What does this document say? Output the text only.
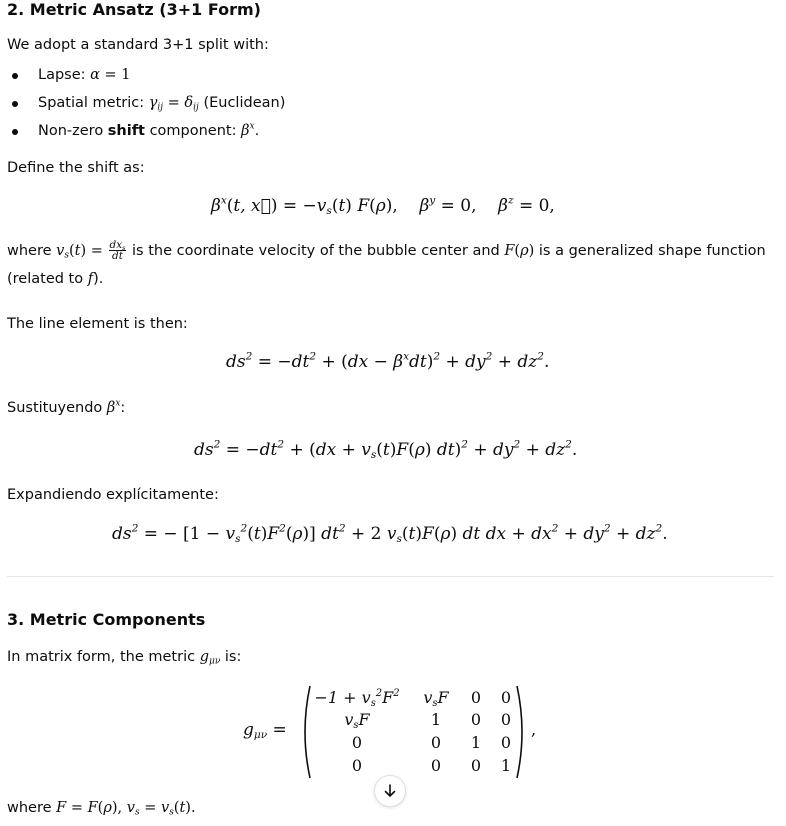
2. Metric Ansatz (3+1 Form)

We adopt a standard 3+1 split with:

Lapse: α = 1
Spatial metric: $\gamma_{ij} = \delta_{ij}$ (Euclidean)
Non-zero shift component: $\beta^x$.

Define the shift as:

$\beta^x(t$, x⃗) = $-v_s(t)$ F(ρ),    $\beta^y = 0$,    $\beta^z = 0$,
where $v_s(t) = \frac{dx_s}{dt}$ is the coordinate velocity of the bubble center and F(ρ) is a generalized shape function
(related to f).

The line element is then:

$ds^2 = -dt^2 + (dx - \beta^xdt)^2 + dy^2 + dz^2$.
Sustituyendo $\beta^x$:
$ds^2 = -dt^2 + (dx + v_s(t)F(\rho) dt)^2 + dy^2 + dz^2$.

Expandiendo explícitamente:

$ds^2$ = − $[1 - v_s^2(t)F^2(\rho)]$ $dt^2 + 2$ $v_s(t)F(\rho)$ dt dx + $dx^2 + dy^2 + dz^2$.
3. Metric Components
In matrix form, the metric $g_{\mu\nu}$ is:
$g_{\mu\nu}$ =
$-1 + v_s^2F^2$	$v_sF$	0 0
$v_sF$	1 0 0
0	0 1 0
0	0 0 1
,
where F = F(ρ), $v_s = v_s(t)$.
